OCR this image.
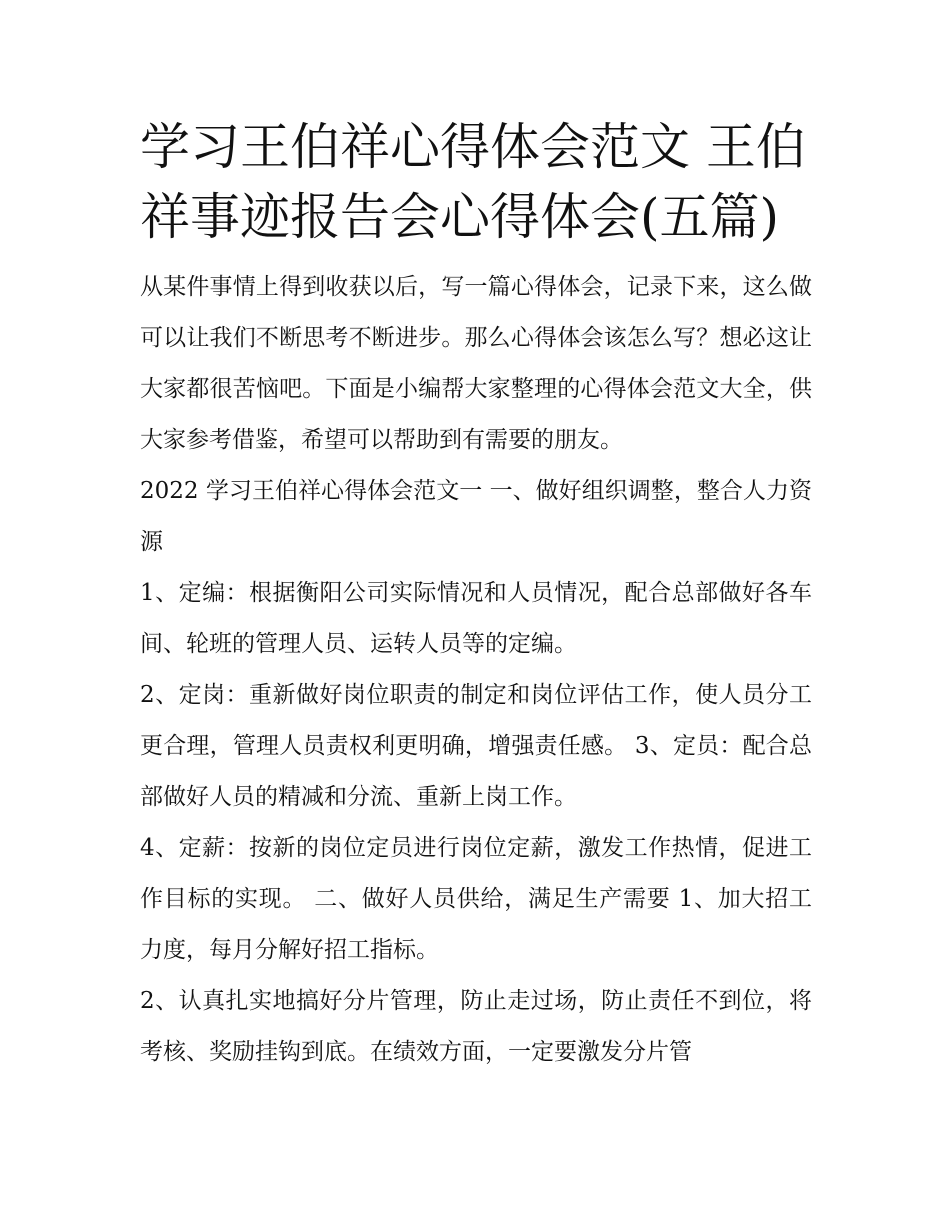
学习王伯祥心得体会范文 王伯祥事迹报告会心得体会(五篇)

从某件事情上得到收获以后，写一篇心得体会，记录下来，这么做可以让我们不断思考不断进步。那么心得体会该怎么写？想必这让大家都很苦恼吧。下面是小编帮大家整理的心得体会范文大全，供大家参考借鉴，希望可以帮助到有需要的朋友。

2022 学习王伯祥心得体会范文一 一、做好组织调整，整合人力资源

1、定编：根据衡阳公司实际情况和人员情况，配合总部做好各车间、轮班的管理人员、运转人员等的定编。

2、定岗：重新做好岗位职责的制定和岗位评估工作，使人员分工更合理，管理人员责权利更明确，增强责任感。 3、定员：配合总部做好人员的精减和分流、重新上岗工作。

4、定薪：按新的岗位定员进行岗位定薪，激发工作热情，促进工作目标的实现。 二、做好人员供给，满足生产需要 1、加大招工力度，每月分解好招工指标。

2、认真扎实地搞好分片管理，防止走过场，防止责任不到位，将考核、奖励挂钩到底。在绩效方面，一定要激发分片管
